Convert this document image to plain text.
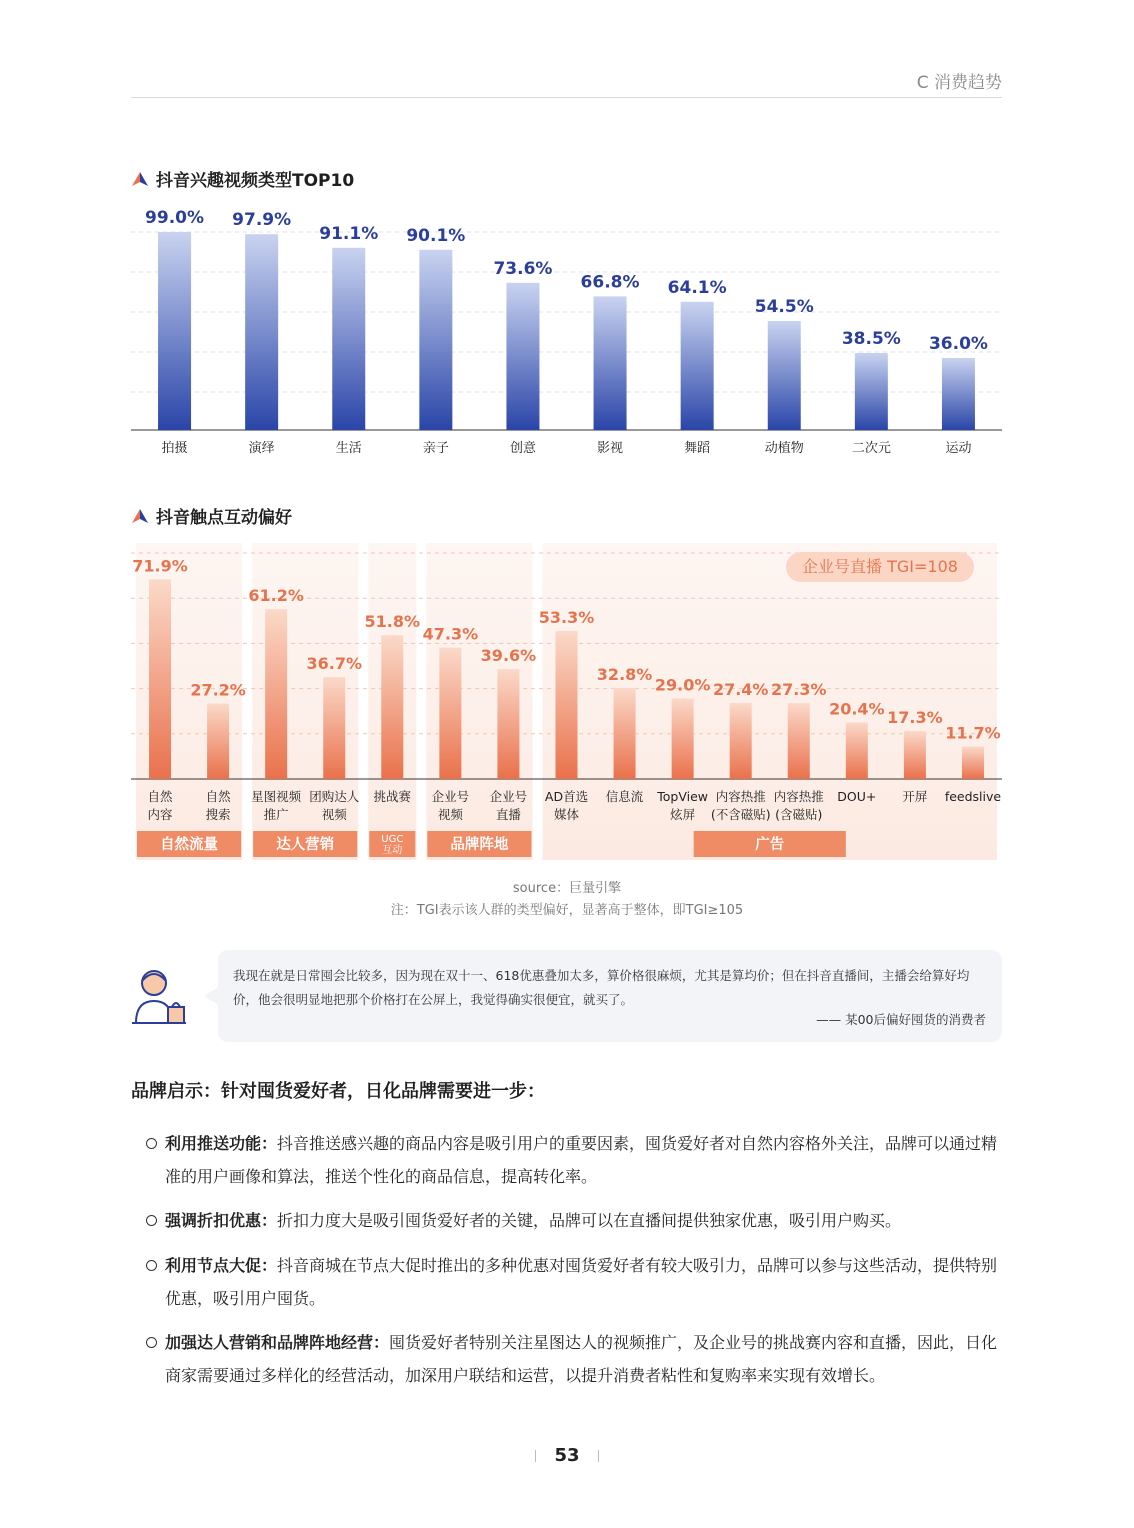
C 消费趋势
抖音兴趣视频类型TOP10
99.0%
拍摄
97.9%
演绎
91.1%
生活
90.1%
亲子
73.6%
创意
66.8%
影视
64.1%
舞蹈
54.5%
动植物
38.5%
二次元
36.0%
运动
抖音触点互动偏好
71.9%
自然
内容
27.2%
自然
搜索
61.2%
星图视频
推广
36.7%
团购达人
视频
51.8%
挑战赛
47.3%
企业号
视频
39.6%
企业号
直播
53.3%
AD首选
媒体
32.8%
信息流
29.0%
TopView
炫屏
27.4%
内容热推
(不含磁贴)
27.3%
内容热推
(含磁贴)
20.4%
DOU+
17.3%
开屏
11.7%
feedslive
自然流量	达人营销	UGC
互动	品牌阵地	广告
企业号直播 TGI=108
source：巨量引擎
注：TGI表示该人群的类型偏好，显著高于整体，即TGI≥105
我现在就是日常囤会比较多，因为现在双十一、618优惠叠加太多，算价格很麻烦，尤其是算均价；但在抖音直播间，主播会给算好均价，他会很明显地把那个价格打在公屏上，我觉得确实很便宜，就买了。
—— 某00后偏好囤货的消费者
品牌启示：针对囤货爱好者，日化品牌需要进一步：
利用推送功能：抖音推送感兴趣的商品内容是吸引用户的重要因素，囤货爱好者对自然内容格外关注，品牌可以通过精准的用户画像和算法，推送个性化的商品信息，提高转化率。
强调折扣优惠：折扣力度大是吸引囤货爱好者的关键，品牌可以在直播间提供独家优惠，吸引用户购买。
利用节点大促：抖音商城在节点大促时推出的多种优惠对囤货爱好者有较大吸引力，品牌可以参与这些活动，提供特别优惠，吸引用户囤货。
加强达人营销和品牌阵地经营：囤货爱好者特别关注星图达人的视频推广，及企业号的挑战赛内容和直播，因此，日化商家需要通过多样化的经营活动，加深用户联结和运营，以提升消费者粘性和复购率来实现有效增长。
53
